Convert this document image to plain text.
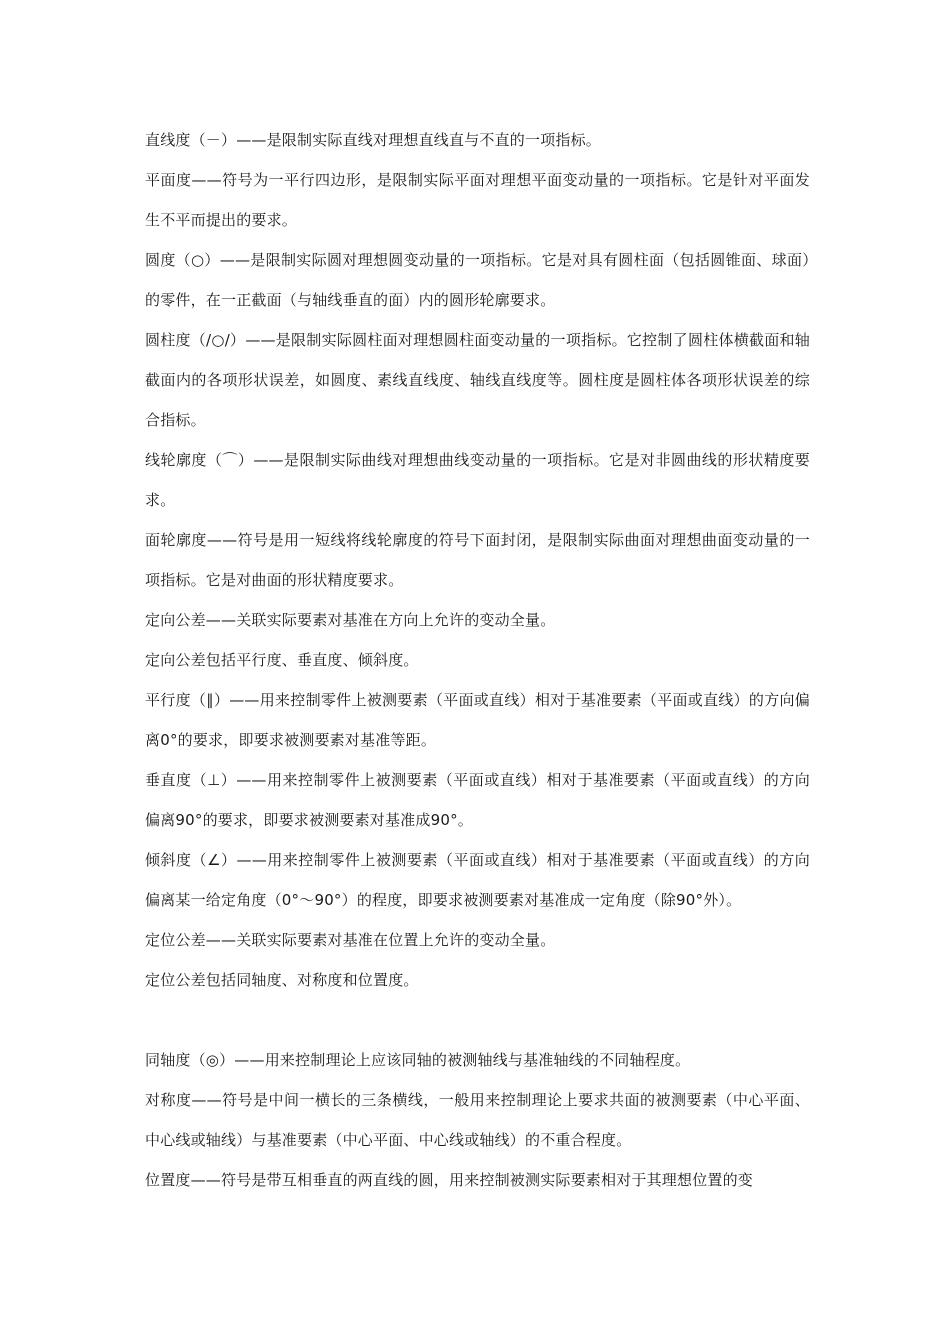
直线度（－）——是限制实际直线对理想直线直与不直的一项指标。

平面度——符号为一平行四边形，是限制实际平面对理想平面变动量的一项指标。它是针对平面发生不平而提出的要求。

圆度（○）——是限制实际圆对理想圆变动量的一项指标。它是对具有圆柱面（包括圆锥面、球面）的零件，在一正截面（与轴线垂直的面）内的圆形轮廓要求。

圆柱度（/○/）——是限制实际圆柱面对理想圆柱面变动量的一项指标。它控制了圆柱体横截面和轴截面内的各项形状误差，如圆度、素线直线度、轴线直线度等。圆柱度是圆柱体各项形状误差的综合指标。

线轮廓度（⌒）——是限制实际曲线对理想曲线变动量的一项指标。它是对非圆曲线的形状精度要求。

面轮廓度——符号是用一短线将线轮廓度的符号下面封闭，是限制实际曲面对理想曲面变动量的一项指标。它是对曲面的形状精度要求。

定向公差——关联实际要素对基准在方向上允许的变动全量。

定向公差包括平行度、垂直度、倾斜度。

平行度（∥）——用来控制零件上被测要素（平面或直线）相对于基准要素（平面或直线）的方向偏离0°的要求，即要求被测要素对基准等距。

垂直度（⊥）——用来控制零件上被测要素（平面或直线）相对于基准要素（平面或直线）的方向偏离90°的要求，即要求被测要素对基准成90°。

倾斜度（∠）——用来控制零件上被测要素（平面或直线）相对于基准要素（平面或直线）的方向偏离某一给定角度（0°～90°）的程度，即要求被测要素对基准成一定角度（除90°外）。

定位公差——关联实际要素对基准在位置上允许的变动全量。

定位公差包括同轴度、对称度和位置度。

同轴度（◎）——用来控制理论上应该同轴的被测轴线与基准轴线的不同轴程度。

对称度——符号是中间一横长的三条横线，一般用来控制理论上要求共面的被测要素（中心平面、中心线或轴线）与基准要素（中心平面、中心线或轴线）的不重合程度。

位置度——符号是带互相垂直的两直线的圆，用来控制被测实际要素相对于其理想位置的变
